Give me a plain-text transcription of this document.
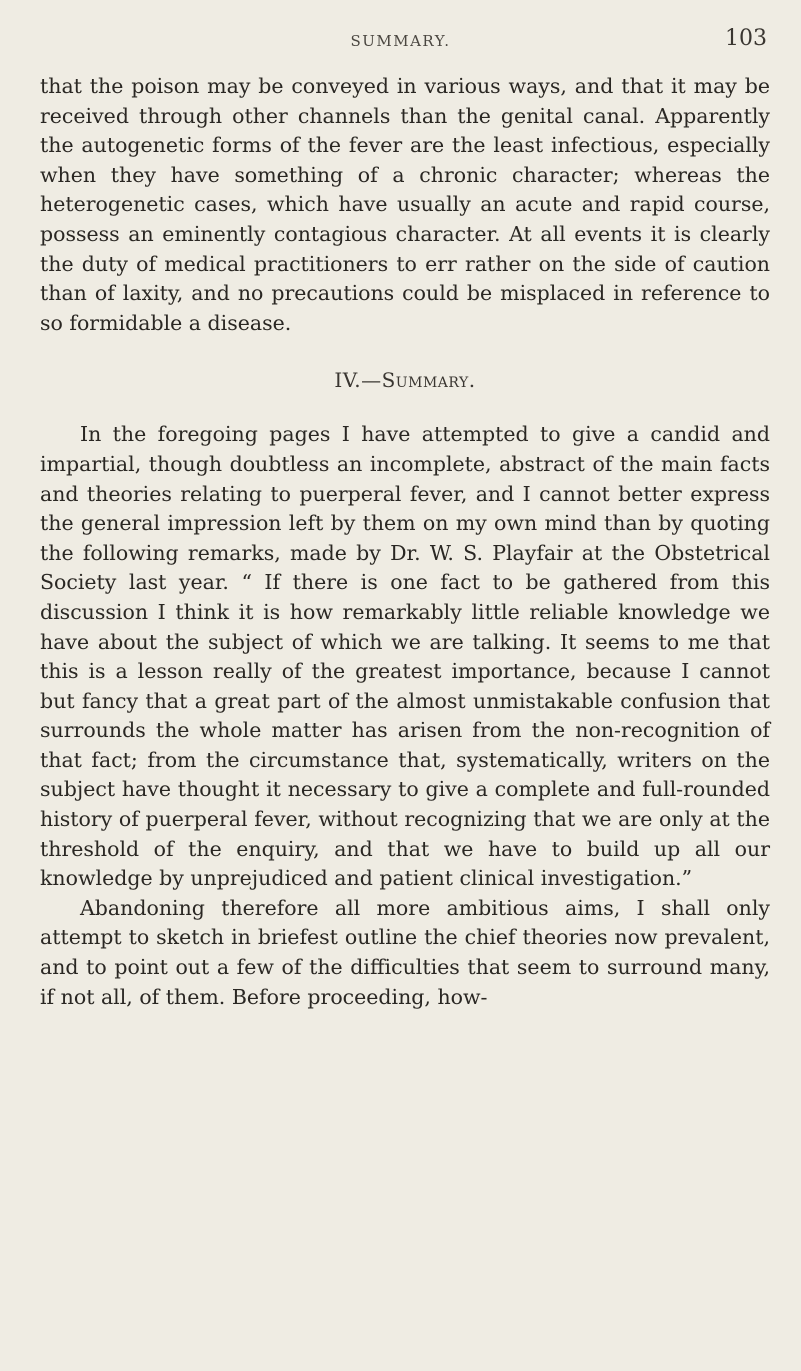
SUMMARY.	103

that the poison may be conveyed in various ways, and that it may be received through other channels than the genital canal. Apparently the autogenetic forms of the fever are the least infectious, especially when they have something of a chronic character; whereas the heterogenetic cases, which have usually an acute and rapid course, possess an eminently contagious character. At all events it is clearly the duty of medical practitioners to err rather on the side of caution than of laxity, and no precautions could be misplaced in reference to so formidable a disease.

IV.—Summary.

In the foregoing pages I have attempted to give a candid and impartial, though doubtless an incomplete, abstract of the main facts and theories relating to puerperal fever, and I cannot better express the general impression left by them on my own mind than by quoting the following remarks, made by Dr. W. S. Playfair at the Obstetrical Society last year. “ If there is one fact to be gathered from this discussion I think it is how remarkably little reliable knowledge we have about the subject of which we are talking. It seems to me that this is a lesson really of the greatest importance, because I cannot but fancy that a great part of the almost unmistakable confusion that surrounds the whole matter has arisen from the non-recognition of that fact; from the circumstance that, systematically, writers on the subject have thought it necessary to give a complete and full-rounded history of puerperal fever, without recognizing that we are only at the threshold of the enquiry, and that we have to build up all our knowledge by unprejudiced and patient clinical investigation.”

Abandoning therefore all more ambitious aims, I shall only attempt to sketch in briefest outline the chief theories now prevalent, and to point out a few of the difficulties that seem to surround many, if not all, of them. Before proceeding, how-
